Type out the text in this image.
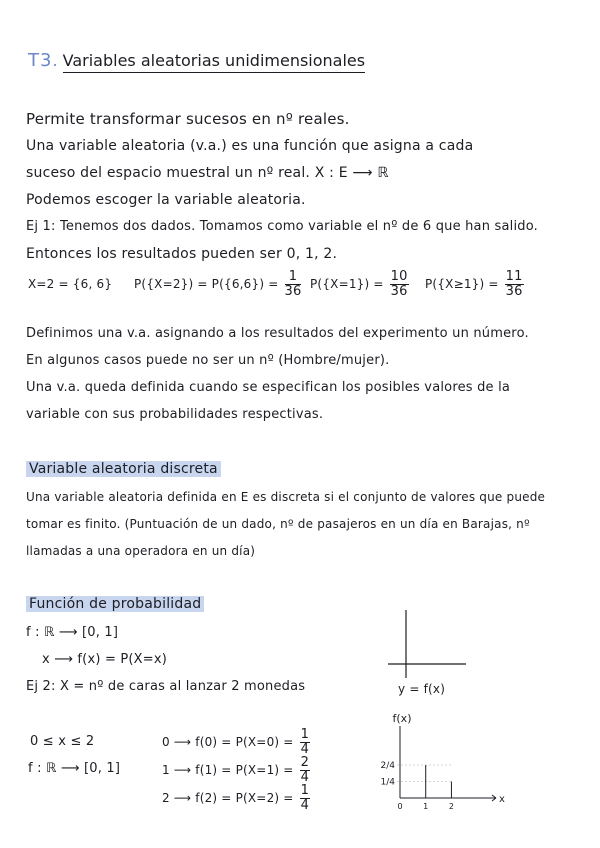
T3. Variables aleatorias unidimensionales
Permite transformar sucesos en nº reales.
Una variable aleatoria (v.a.) es una función que asigna a cada
suceso del espacio muestral un nº real. X : E ⟶ ℝ
Podemos escoger la variable aleatoria.
Ej 1: Tenemos dos dados. Tomamos como variable el nº de 6 que han salido.
Entonces los resultados pueden ser 0, 1, 2.
X=2 = {6, 6} $P(\{X=2\}) = P(\{6,6\}) = \frac{1}{36} P(\{X=1\}) = \frac{10}{36} P(\{X\ge 1\}) = \frac{11}{36}$
Definimos una v.a. asignando a los resultados del experimento un número.
En algunos casos puede no ser un nº (Hombre/mujer).
Una v.a. queda definida cuando se especifican los posibles valores de la
variable con sus probabilidades respectivas.
Variable aleatoria discreta
Una variable aleatoria definida en E es discreta si el conjunto de valores que puede
tomar es finito. (Puntuación de un dado, nº de pasajeros en un día en Barajas, nº
llamadas a una operadora en un día)
Función de probabilidad
f : ℝ ⟶ [0, 1]
x ⟶ f(x) = P(X=x)
Ej 2: X = nº de caras al lanzar 2 monedas	y = f(x)
0 ≤ x ≤ 2
f : ℝ ⟶ [0, 1]
0 ⟶ $f(0) = P(X=0) = \frac{1}{4}$
1 ⟶ $f(1) = P(X=1) = \frac{2}{4}$
2 ⟶ $f(2) = P(X=2) = \frac{1}{4}$	x
f(x)
1/4
2/4
0	1	2
